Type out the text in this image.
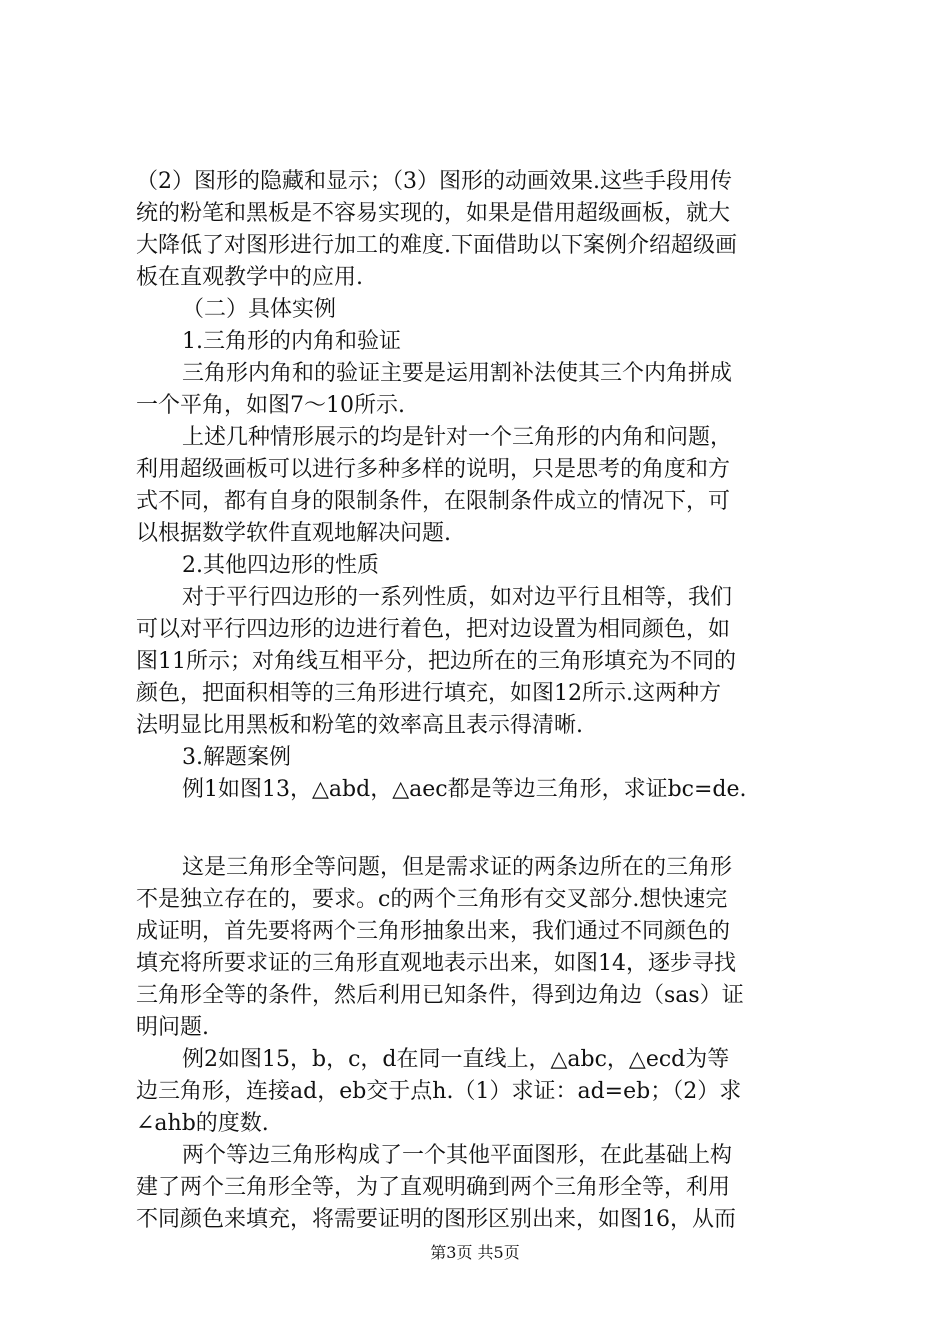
（2）图形的隐藏和显示；（3）图形的动画效果.这些手段用传
统的粉笔和黑板是不容易实现的，如果是借用超级画板，就大
大降低了对图形进行加工的难度.下面借助以下案例介绍超级画
板在直观教学中的应用.
（二）具体实例
1.三角形的内角和验证
三角形内角和的验证主要是运用割补法使其三个内角拼成
一个平角，如图7～10所示.
上述几种情形展示的均是针对一个三角形的内角和问题，
利用超级画板可以进行多种多样的说明，只是思考的角度和方
式不同，都有自身的限制条件，在限制条件成立的情况下，可
以根据数学软件直观地解决问题.
2.其他四边形的性质
对于平行四边形的一系列性质，如对边平行且相等，我们
可以对平行四边形的边进行着色，把对边设置为相同颜色，如
图11所示；对角线互相平分，把边所在的三角形填充为不同的
颜色，把面积相等的三角形进行填充，如图12所示.这两种方
法明显比用黑板和粉笔的效率高且表示得清晰.
3.解题案例
例1如图13，△abd，△aec都是等边三角形，求证bc=de.
这是三角形全等问题，但是需求证的两条边所在的三角形
不是独立存在的，要求。c的两个三角形有交叉部分.想快速完
成证明，首先要将两个三角形抽象出来，我们通过不同颜色的
填充将所要求证的三角形直观地表示出来，如图14，逐步寻找
三角形全等的条件，然后利用已知条件，得到边角边（sas）证
明问题.
例2如图15，b，c，d在同一直线上，△abc，△ecd为等
边三角形，连接ad，eb交于点h.（1）求证：ad=eb；（2）求
∠ahb的度数.
两个等边三角形构成了一个其他平面图形，在此基础上构
建了两个三角形全等，为了直观明确到两个三角形全等，利用
不同颜色来填充，将需要证明的图形区别出来，如图16，从而
第3页 共5页
